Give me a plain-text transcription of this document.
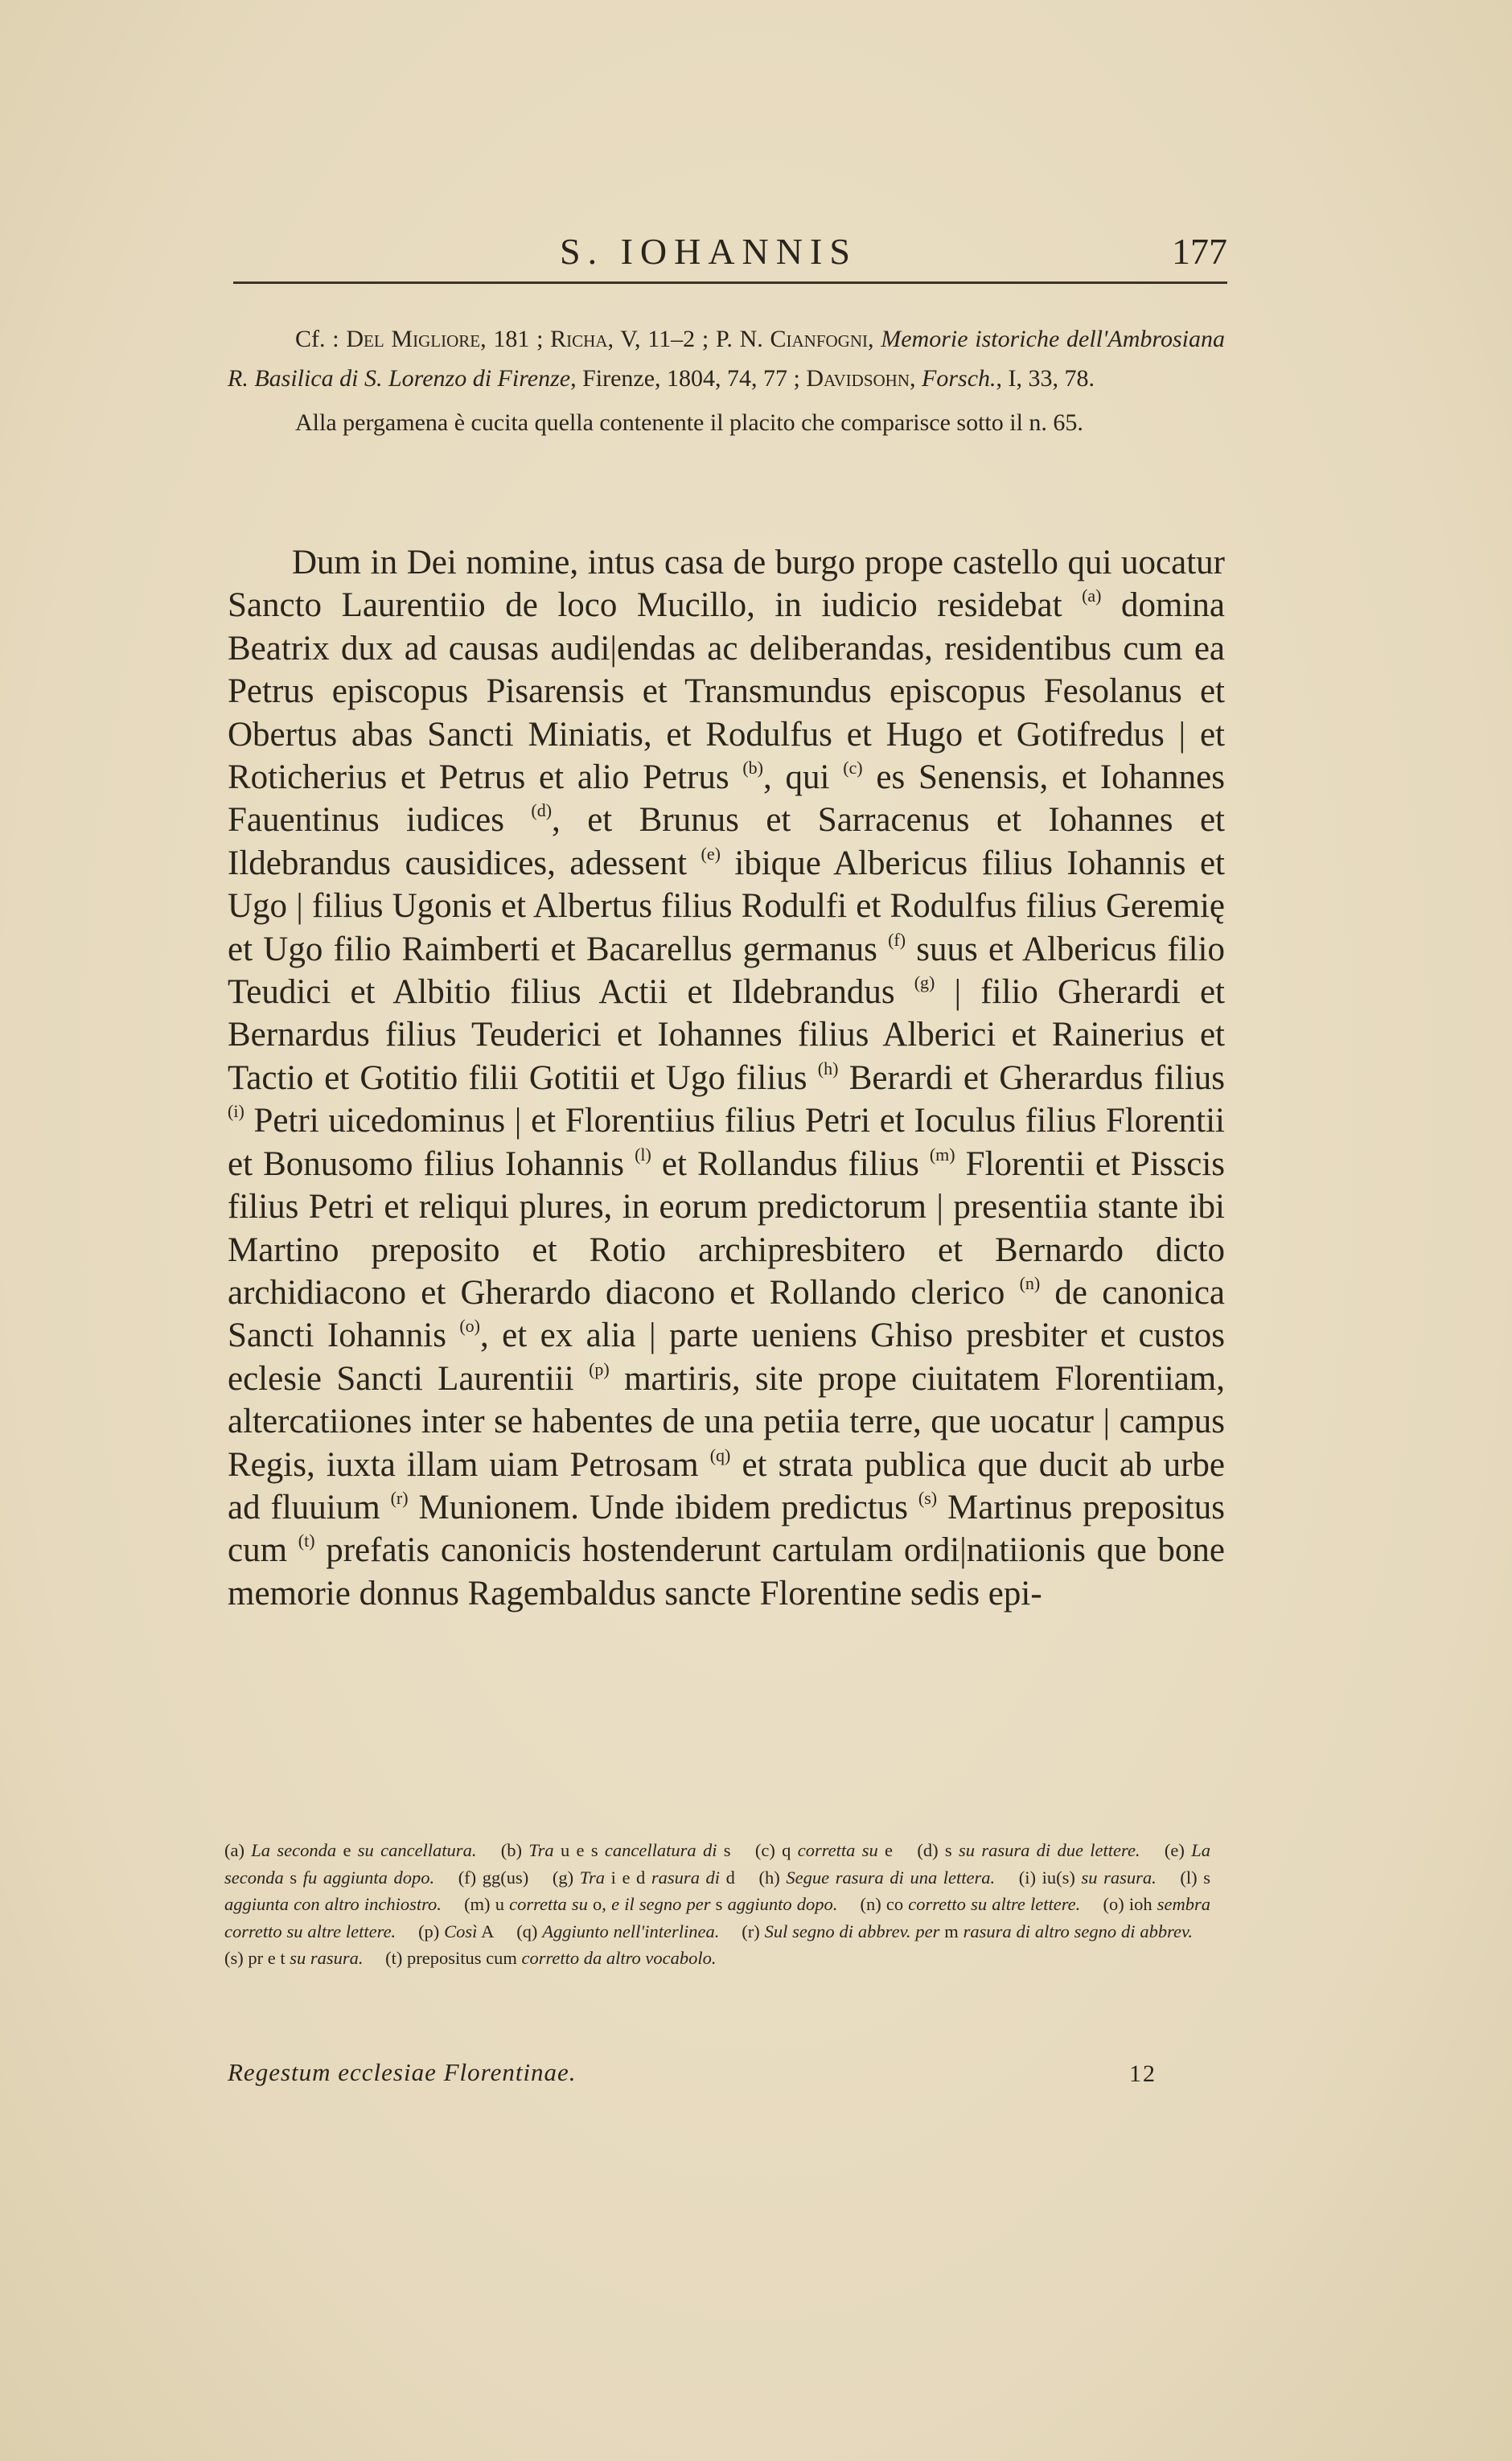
S. IOHANNIS	177

Cf. : Del Migliore, 181 ; Richa, V, 11–2 ; P. N. Cianfogni, Memorie istoriche dell'Ambrosiana R. Basilica di S. Lorenzo di Firenze, Firenze, 1804, 74, 77 ; Davidsohn, Forsch., I, 33, 78.

Alla pergamena è cucita quella contenente il placito che comparisce sotto il n. 65.

Dum in Dei nomine, intus casa de burgo prope castello qui uocatur Sancto Laurentiio de loco Mucillo, in iudicio residebat $^{(a)}$ domina Beatrix dux ad causas audi|endas ac deliberandas, residentibus cum ea Petrus episcopus Pisarensis et Transmundus episcopus Fesolanus et Obertus abas Sancti Miniatis, et Rodulfus et Hugo et Gotifredus | et Roticherius et Petrus et alio Petrus $^{(b)}$, qui $^{(c)}$ es Senensis, et Iohannes Fauentinus iudices $^{(d)}$, et Brunus et Sarracenus et Iohannes et Ildebrandus causidices, adessent $^{(e)}$ ibique Albericus filius Iohannis et Ugo | filius Ugonis et Albertus filius Rodulfi et Rodulfus filius Geremię et Ugo filio Raimberti et Bacarellus germanus $^{(f)}$ suus et Albericus filio Teudici et Albitio filius Actii et Ildebrandus $^{(g)}$ | filio Gherardi et Bernardus filius Teuderici et Iohannes filius Alberici et Rainerius et Tactio et Gotitio filii Gotitii et Ugo filius $^{(h)}$ Berardi et Gherardus filius $^{(i)}$ Petri uicedominus | et Florentiius filius Petri et Ioculus filius Florentii et Bonusomo filius Iohannis $^{(l)}$ et Rollandus filius $^{(m)}$ Florentii et Pisscis filius Petri et reliqui plures, in eorum predictorum | presentiia stante ibi Martino preposito et Rotio archipresbitero et Bernardo dicto archidiacono et Gherardo diacono et Rollando clerico $^{(n)}$ de canonica Sancti Iohannis $^{(o)}$, et ex alia | parte ueniens Ghiso presbiter et custos eclesie Sancti Laurentiii $^{(p)}$ martiris, site prope ciuitatem Florentiiam, altercatiiones inter se habentes de una petiia terre, que uocatur | campus Regis, iuxta illam uiam Petrosam $^{(q)}$ et strata publica que ducit ab urbe ad fluuium $^{(r)}$ Munionem. Unde ibidem predictus $^{(s)}$ Martinus prepositus cum $^{(t)}$ prefatis canonicis hostenderunt cartulam ordi|natiionis que bone memorie donnus Ragembaldus sancte Florentine sedis epi-

(a) La seconda e su cancellatura. (b) Tra u e s cancellatura di s (c) q corretta su e (d) s su rasura di due lettere. (e) La seconda s fu aggiunta dopo. (f) gg(us) (g) Tra i e d rasura di d (h) Segue rasura di una lettera. (i) iu(s) su rasura. (l) s aggiunta con altro inchiostro. (m) u corretta su o, e il segno per s aggiunto dopo. (n) co corretto su altre lettere. (o) ioh sembra corretto su altre lettere. (p) Così A (q) Aggiunto nell'interlinea. (r) Sul segno di abbrev. per m rasura di altro segno di abbrev. (s) pr e t su rasura. (t) prepositus cum corretto da altro vocabolo.
Regestum ecclesiae Florentinae.	12
